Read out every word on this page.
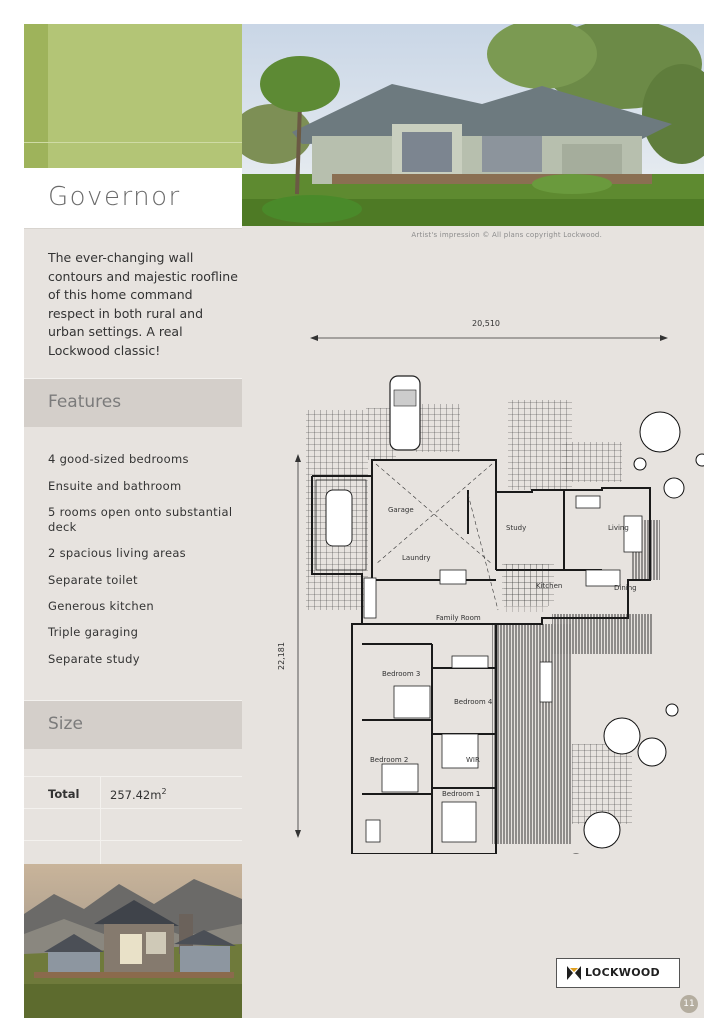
Governor

The ever-changing wall contours and majestic roofline of this home command respect in both rural and urban settings. A real Lockwood classic!

Features
4 good-sized bedrooms
Ensuite and bathroom
5 rooms open onto substantial deck
2 spacious living areas
Separate toilet
Generous kitchen
Triple garaging
Separate study
Size
Total	$257.42m^2$
Artist's impression © All plans copyright Lockwood.
20,510
22,181
Garage
Study	Living
Laundry
Kitchen	Dining
Family Room
Bedroom 3
Bedroom 4
Bedroom 2	WIR
Bedroom 1
LOCKWOOD
11
